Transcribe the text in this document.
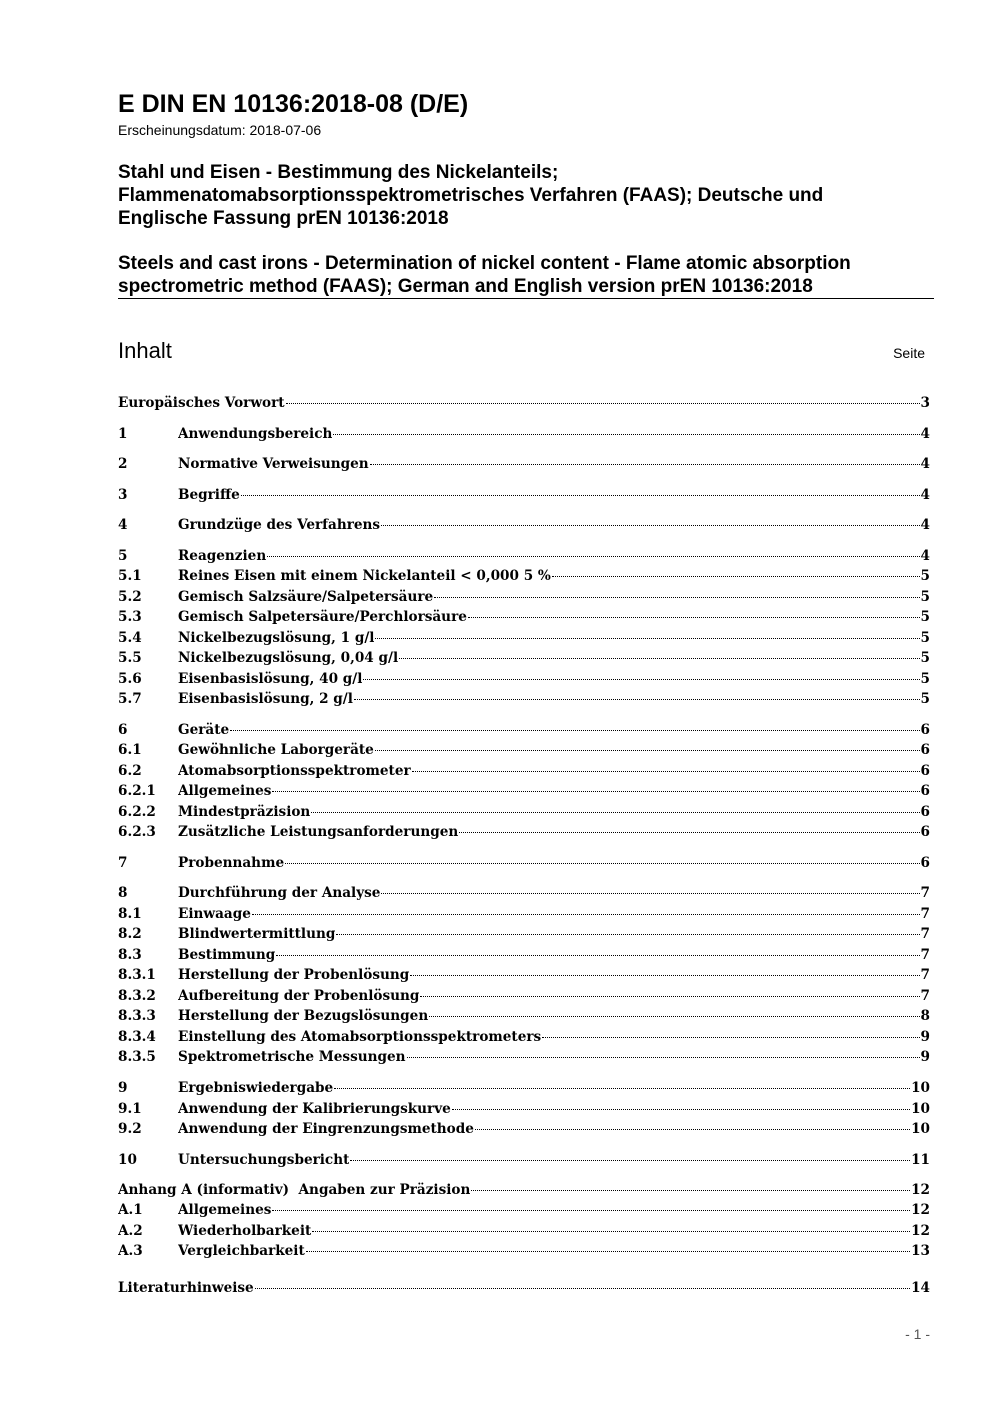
E DIN EN 10136:2018-08 (D/E)
Erscheinungsdatum: 2018-07-06
Stahl und Eisen - Bestimmung des Nickelanteils; Flammenatomabsorptionsspektrometrisches Verfahren (FAAS); Deutsche und Englische Fassung prEN 10136:2018
Steels and cast irons - Determination of nickel content - Flame atomic absorption spectrometric method (FAAS); German and English version prEN 10136:2018
Inhalt	Seite
Europäisches Vorwort	3
1	Anwendungsbereich	4
2	Normative Verweisungen	4
3	Begriffe	4
4	Grundzüge des Verfahrens	4
5	Reagenzien	4
5.1	Reines Eisen mit einem Nickelanteil < 0,000 5 %	5
5.2	Gemisch Salzsäure/Salpetersäure	5
5.3	Gemisch Salpetersäure/Perchlorsäure	5
5.4	Nickelbezugslösung, 1 g/l	5
5.5	Nickelbezugslösung, 0,04 g/l	5
5.6	Eisenbasislösung, 40 g/l	5
5.7	Eisenbasislösung, 2 g/l	5
6	Geräte	6
6.1	Gewöhnliche Laborgeräte	6
6.2	Atomabsorptionsspektrometer	6
6.2.1	Allgemeines	6
6.2.2	Mindestpräzision	6
6.2.3	Zusätzliche Leistungsanforderungen	6
7	Probennahme	6
8	Durchführung der Analyse	7
8.1	Einwaage	7
8.2	Blindwertermittlung	7
8.3	Bestimmung	7
8.3.1	Herstellung der Probenlösung	7
8.3.2	Aufbereitung der Probenlösung	7
8.3.3	Herstellung der Bezugslösungen	8
8.3.4	Einstellung des Atomabsorptionsspektrometers	9
8.3.5	Spektrometrische Messungen	9
9	Ergebniswiedergabe	10
9.1	Anwendung der Kalibrierungskurve	10
9.2	Anwendung der Eingrenzungsmethode	10
10	Untersuchungsbericht	11
Anhang A (informativ)  Angaben zur Präzision	12
A.1	Allgemeines	12
A.2	Wiederholbarkeit	12
A.3	Vergleichbarkeit	13
Literaturhinweise	14
- 1 -
